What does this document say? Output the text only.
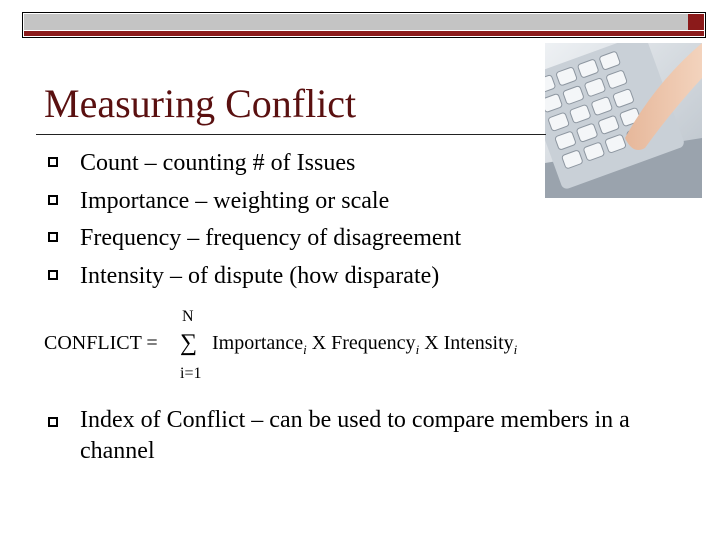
Measuring Conflict
Count – counting # of Issues
Importance – weighting or scale
Frequency – frequency of disagreement
Intensity – of dispute (how disparate)
N
CONFLICT = ∑ Importance$_i$ X Frequency$_i$ X Intensity$_i$
i=1
Index of Conflict – can be used to compare members in a channel
